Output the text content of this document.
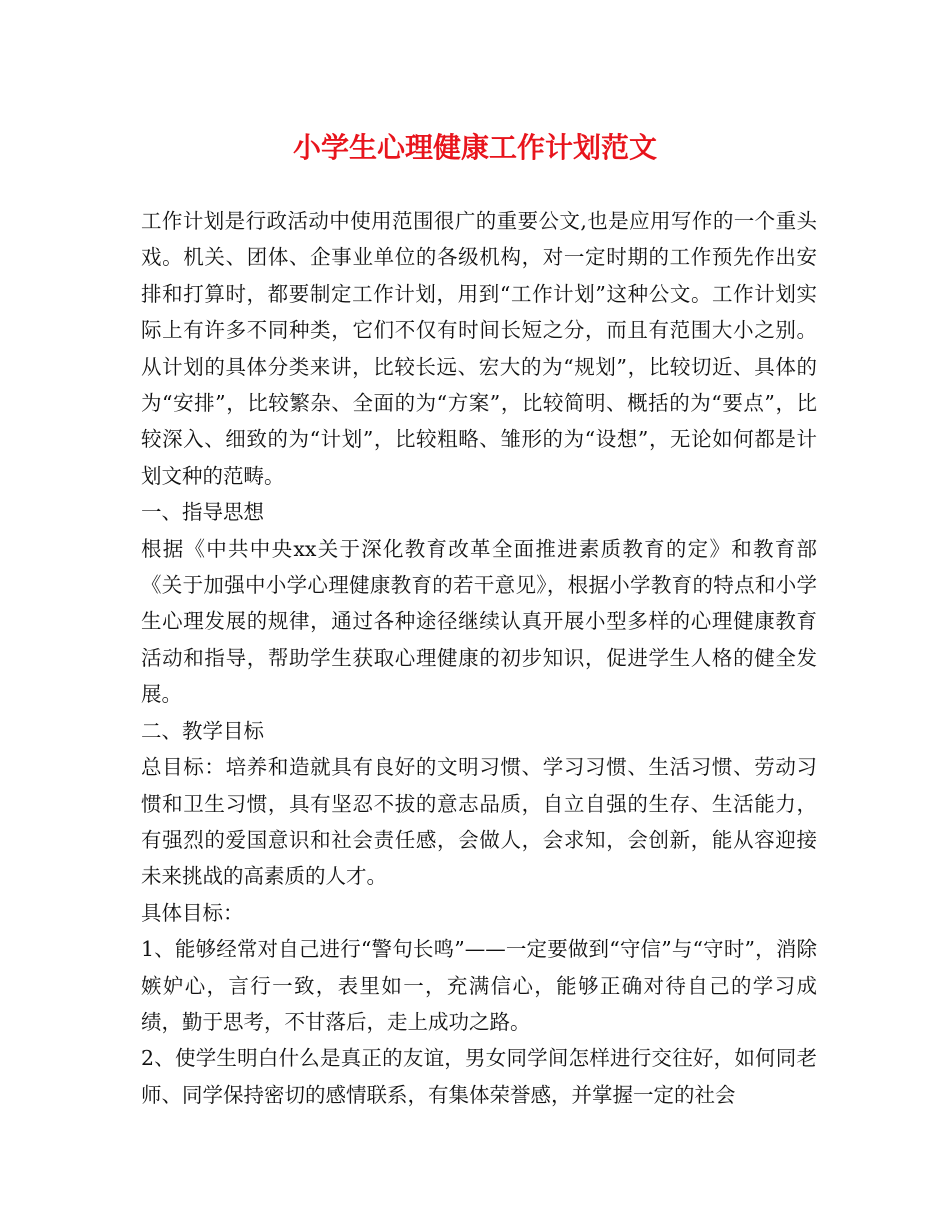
小学生心理健康工作计划范文

工作计划是行政活动中使用范围很广的重要公文,也是应用写作的一个重头戏。机关、团体、企事业单位的各级机构，对一定时期的工作预先作出安排和打算时，都要制定工作计划，用到“工作计划”这种公文。工作计划实际上有许多不同种类，它们不仅有时间长短之分，而且有范围大小之别。从计划的具体分类来讲，比较长远、宏大的为“规划”，比较切近、具体的为“安排”，比较繁杂、全面的为“方案”，比较简明、概括的为“要点”，比较深入、细致的为“计划”，比较粗略、雏形的为“设想”，无论如何都是计划文种的范畴。

一、指导思想

根据《中共中央xx关于深化教育改革全面推进素质教育的定》和教育部《关于加强中小学心理健康教育的若干意见》，根据小学教育的特点和小学生心理发展的规律，通过各种途径继续认真开展小型多样的心理健康教育活动和指导，帮助学生获取心理健康的初步知识，促进学生人格的健全发展。

二、教学目标

总目标：培养和造就具有良好的文明习惯、学习习惯、生活习惯、劳动习惯和卫生习惯，具有坚忍不拔的意志品质，自立自强的生存、生活能力，有强烈的爱国意识和社会责任感，会做人，会求知，会创新，能从容迎接未来挑战的高素质的人才。

具体目标：

1、能够经常对自己进行“警句长鸣”——一定要做到“守信”与“守时”，消除嫉妒心，言行一致，表里如一，充满信心，能够正确对待自己的学习成绩，勤于思考，不甘落后，走上成功之路。

2、使学生明白什么是真正的友谊，男女同学间怎样进行交往好，如何同老师、同学保持密切的感情联系，有集体荣誉感，并掌握一定的社会
